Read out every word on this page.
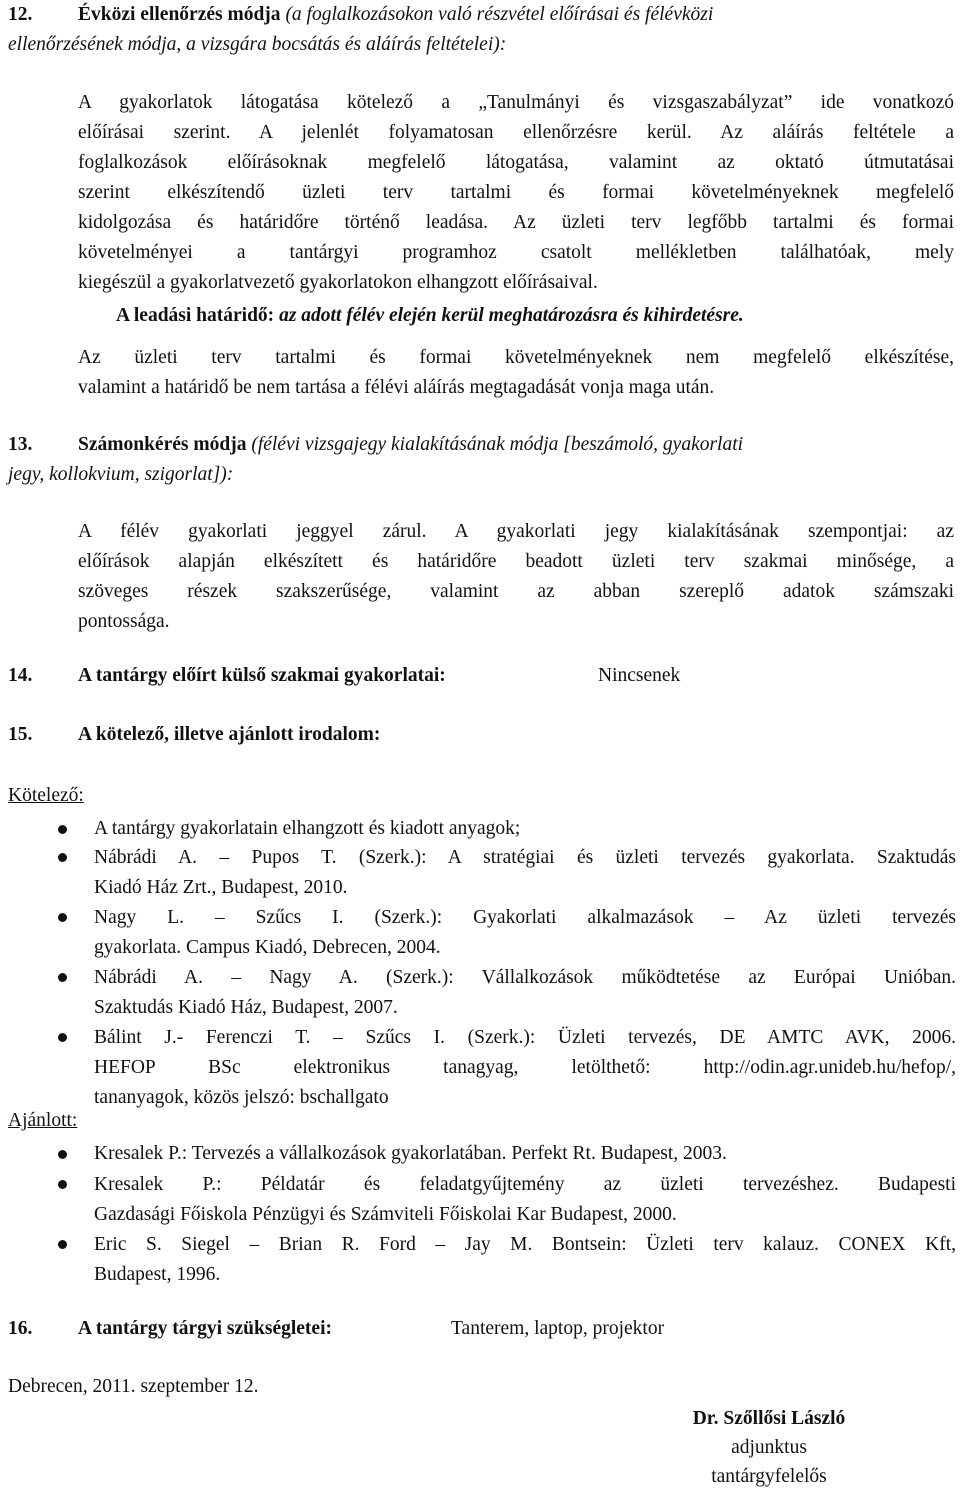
12. Évközi ellenőrzés módja (a foglalkozásokon való részvétel előírásai és félévközi
ellenőrzésének módja, a vizsgára bocsátás és aláírás feltételei):
A gyakorlatok látogatása kötelező a „Tanulmányi és vizsgaszabályzat” ide vonatkozó
előírásai szerint. A jelenlét folyamatosan ellenőrzésre kerül. Az aláírás feltétele a
foglalkozások előírásoknak megfelelő látogatása, valamint az oktató útmutatásai
szerint elkészítendő üzleti terv tartalmi és formai követelményeknek megfelelő
kidolgozása és határidőre történő leadása. Az üzleti terv legfőbb tartalmi és formai
követelményei a tantárgyi programhoz csatolt mellékletben találhatóak, mely
kiegészül a gyakorlatvezető gyakorlatokon elhangzott előírásaival.
A leadási határidő: az adott félév elején kerül meghatározásra és kihirdetésre.
Az üzleti terv tartalmi és formai követelményeknek nem megfelelő elkészítése,
valamint a határidő be nem tartása a félévi aláírás megtagadását vonja maga után.
13. Számonkérés módja (félévi vizsgajegy kialakításának módja [beszámoló, gyakorlati
jegy, kollokvium, szigorlat]):
A félév gyakorlati jeggyel zárul. A gyakorlati jegy kialakításának szempontjai: az
előírások alapján elkészített és határidőre beadott üzleti terv szakmai minősége, a
szöveges részek szakszerűsége, valamint az abban szereplő adatok számszaki
pontossága.
14. A tantárgy előírt külső szakmai gyakorlatai:	Nincsenek
15. A kötelező, illetve ajánlott irodalom:
Kötelező:
A tantárgy gyakorlatain elhangzott és kiadott anyagok;
Nábrádi A. – Pupos T. (Szerk.): A stratégiai és üzleti tervezés gyakorlata. Szaktudás
Kiadó Ház Zrt., Budapest, 2010.
Nagy L. – Szűcs I. (Szerk.): Gyakorlati alkalmazások – Az üzleti tervezés
gyakorlata. Campus Kiadó, Debrecen, 2004.
Nábrádi A. – Nagy A. (Szerk.): Vállalkozások működtetése az Európai Unióban.
Szaktudás Kiadó Ház, Budapest, 2007.
Bálint J.- Ferenczi T. – Szűcs I. (Szerk.): Üzleti tervezés, DE AMTC AVK, 2006.
HEFOP BSc elektronikus tanagyag, letölthető: http://odin.agr.unideb.hu/hefop/,
tananyagok, közös jelszó: bschallgato
Ajánlott:
Kresalek P.: Tervezés a vállalkozások gyakorlatában. Perfekt Rt. Budapest, 2003.
Kresalek P.: Példatár és feladatgyűjtemény az üzleti tervezéshez. Budapesti
Gazdasági Főiskola Pénzügyi és Számviteli Főiskolai Kar Budapest, 2000.
Eric S. Siegel – Brian R. Ford – Jay M. Bontsein: Üzleti terv kalauz. CONEX Kft,
Budapest, 1996.
16. A tantárgy tárgyi szükségletei:	Tanterem, laptop, projektor
Debrecen, 2011. szeptember 12.
Dr. Szőllősi László
adjunktus
tantárgyfelelős
